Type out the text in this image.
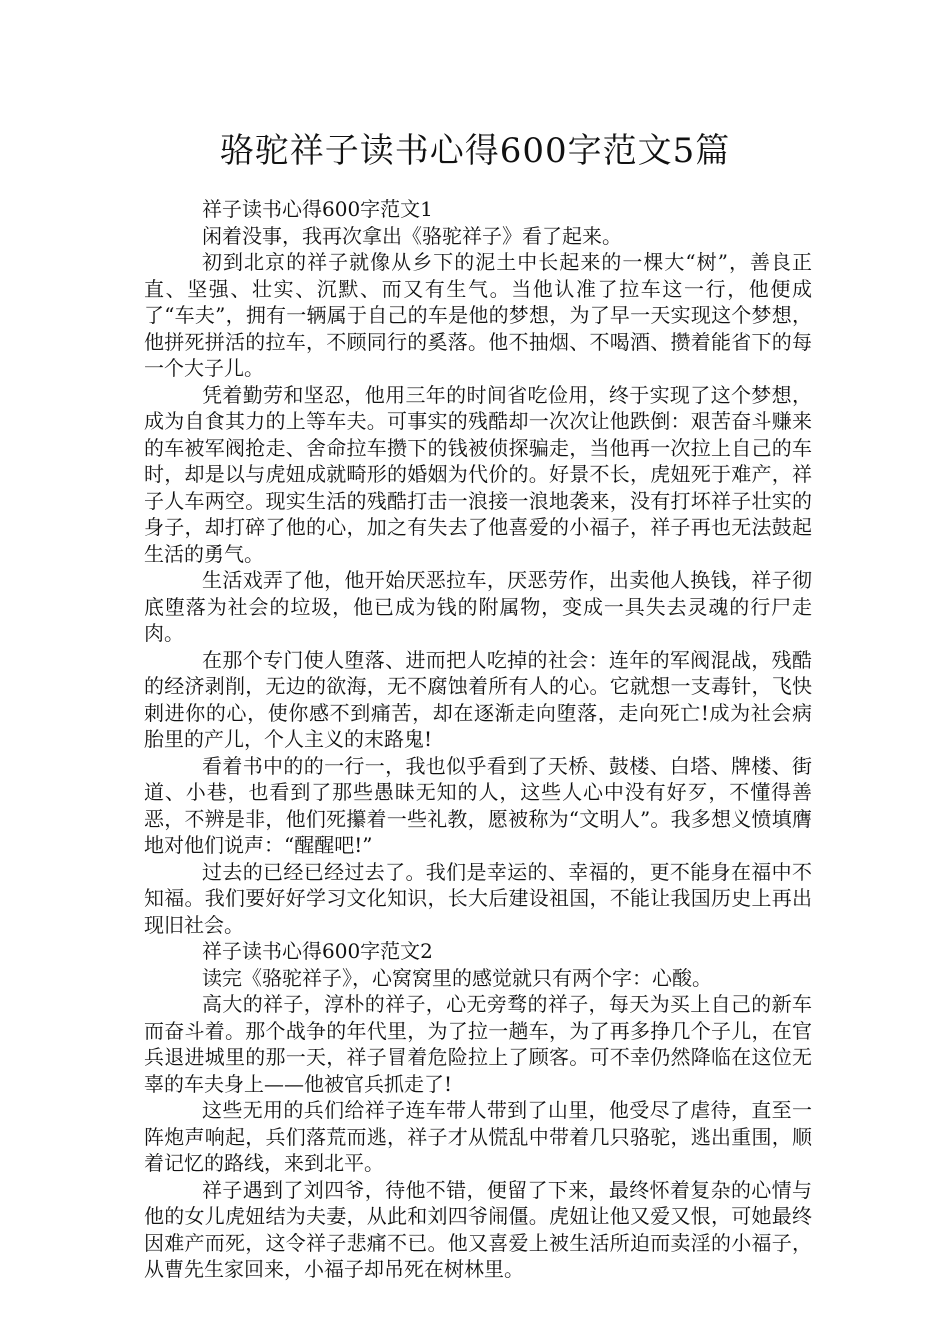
骆驼祥子读书心得600字范文5篇

祥子读书心得600字范文1

闲着没事，我再次拿出《骆驼祥子》看了起来。

初到北京的祥子就像从乡下的泥土中长起来的一棵大“树”，善良正直、坚强、壮实、沉默、而又有生气。当他认准了拉车这一行，他便成了“车夫”，拥有一辆属于自己的车是他的梦想，为了早一天实现这个梦想，他拼死拼活的拉车，不顾同行的奚落。他不抽烟、不喝酒、攒着能省下的每一个大子儿。

凭着勤劳和坚忍，他用三年的时间省吃俭用，终于实现了这个梦想，成为自食其力的上等车夫。可事实的残酷却一次次让他跌倒：艰苦奋斗赚来的车被军阀抢走、舍命拉车攒下的钱被侦探骗走，当他再一次拉上自己的车时，却是以与虎妞成就畸形的婚姻为代价的。好景不长，虎妞死于难产，祥子人车两空。现实生活的残酷打击一浪接一浪地袭来，没有打坏祥子壮实的身子，却打碎了他的心，加之有失去了他喜爱的小福子，祥子再也无法鼓起生活的勇气。

生活戏弄了他，他开始厌恶拉车，厌恶劳作，出卖他人换钱，祥子彻底堕落为社会的垃圾，他已成为钱的附属物，变成一具失去灵魂的行尸走肉。

在那个专门使人堕落、进而把人吃掉的社会：连年的军阀混战，残酷的经济剥削，无边的欲海，无不腐蚀着所有人的心。它就想一支毒针，飞快刺进你的心，使你感不到痛苦，却在逐渐走向堕落，走向死亡!成为社会病胎里的产儿，个人主义的末路鬼!

看着书中的的一行一，我也似乎看到了天桥、鼓楼、白塔、牌楼、街道、小巷，也看到了那些愚昧无知的人，这些人心中没有好歹，不懂得善恶，不辨是非，他们死攥着一些礼教，愿被称为“文明人”。我多想义愤填膺地对他们说声：“醒醒吧!”

过去的已经已经过去了。我们是幸运的、幸福的，更不能身在福中不知福。我们要好好学习文化知识，长大后建设祖国，不能让我国历史上再出现旧社会。

祥子读书心得600字范文2

读完《骆驼祥子》，心窝窝里的感觉就只有两个字：心酸。

高大的祥子，淳朴的祥子，心无旁骛的祥子，每天为买上自己的新车而奋斗着。那个战争的年代里，为了拉一趟车，为了再多挣几个子儿，在官兵退进城里的那一天，祥子冒着危险拉上了顾客。可不幸仍然降临在这位无辜的车夫身上——他被官兵抓走了!

这些无用的兵们给祥子连车带人带到了山里，他受尽了虐待，直至一阵炮声响起，兵们落荒而逃，祥子才从慌乱中带着几只骆驼，逃出重围，顺着记忆的路线，来到北平。

祥子遇到了刘四爷，待他不错，便留了下来，最终怀着复杂的心情与他的女儿虎妞结为夫妻，从此和刘四爷闹僵。虎妞让他又爱又恨，可她最终因难产而死，这令祥子悲痛不已。他又喜爱上被生活所迫而卖淫的小福子，从曹先生家回来，小福子却吊死在树林里。
